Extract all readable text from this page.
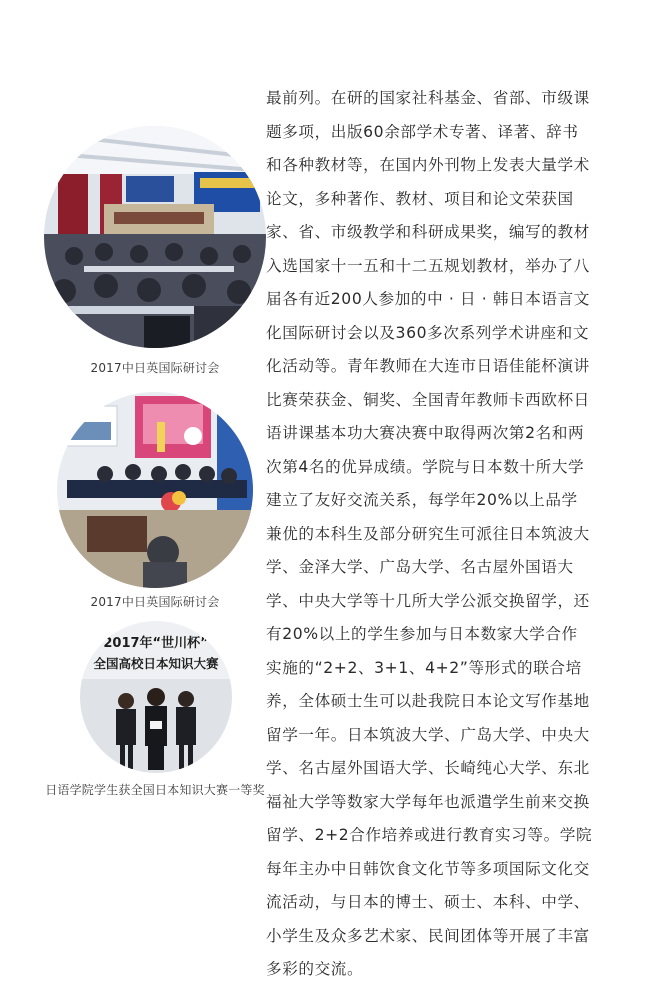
2017中日英国际研讨会
2017中日英国际研讨会
2017年“世川杯”
全国高校日本知识大赛
日语学院学生获全国日本知识大赛一等奖
最前列。在研的国家社科基金、省部、市级课
题多项，出版60余部学术专著、译著、辞书
和各种教材等，在国内外刊物上发表大量学术
论文，多种著作、教材、项目和论文荣获国
家、省、市级教学和科研成果奖，编写的教材
入选国家十一五和十二五规划教材，举办了八
届各有近200人参加的中 · 日 · 韩日本语言文
化国际研讨会以及360多次系列学术讲座和文
化活动等。青年教师在大连市日语佳能杯演讲
比赛荣获金、铜奖、全国青年教师卡西欧杯日
语讲课基本功大赛决赛中取得两次第2名和两
次第4名的优异成绩。学院与日本数十所大学
建立了友好交流关系，每学年20%以上品学
兼优的本科生及部分研究生可派往日本筑波大
学、金泽大学、广岛大学、名古屋外国语大
学、中央大学等十几所大学公派交换留学，还
有20%以上的学生参加与日本数家大学合作
实施的“2+2、3+1、4+2”等形式的联合培
养，全体硕士生可以赴我院日本论文写作基地
留学一年。日本筑波大学、广岛大学、中央大
学、名古屋外国语大学、长崎纯心大学、东北
福祉大学等数家大学每年也派遣学生前来交换
留学、2+2合作培养或进行教育实习等。学院
每年主办中日韩饮食文化节等多项国际文化交
流活动，与日本的博士、硕士、本科、中学、
小学生及众多艺术家、民间团体等开展了丰富
多彩的交流。
